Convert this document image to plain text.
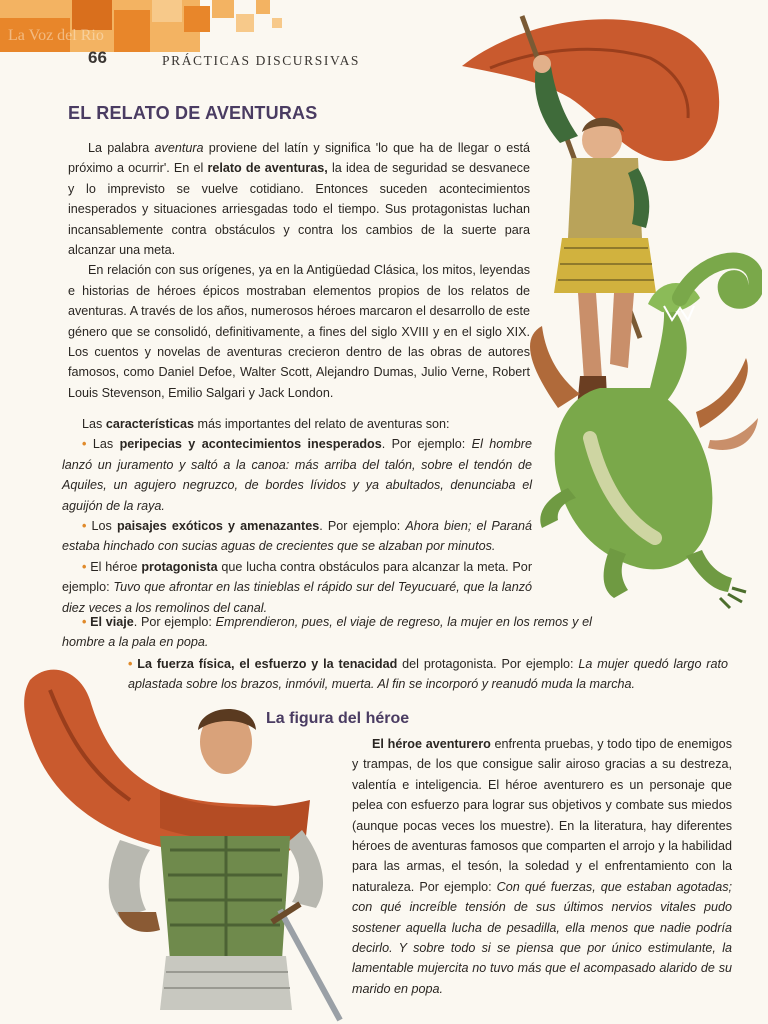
La Voz del Rio
66	PRÁCTICAS DISCURSIVAS
EL RELATO DE AVENTURAS

La palabra aventura proviene del latín y significa 'lo que ha de llegar o está próximo a ocurrir'. En el relato de aventuras, la idea de seguridad se desvanece y lo imprevisto se vuelve cotidiano. Entonces suceden acontecimientos inesperados y situaciones arriesgadas todo el tiempo. Sus protagonistas luchan incansablemente contra obstáculos y contra los cambios de la suerte para alcanzar una meta.

En relación con sus orígenes, ya en la Antigüedad Clásica, los mitos, leyendas e historias de héroes épicos mostraban elementos propios de los relatos de aventuras. A través de los años, numerosos héroes marcaron el desarrollo de este género que se consolidó, definitivamente, a fines del siglo XVIII y en el siglo XIX. Los cuentos y novelas de aventuras crecieron dentro de las obras de autores famosos, como Daniel Defoe, Walter Scott, Alejandro Dumas, Julio Verne, Robert Louis Stevenson, Emilio Salgari y Jack London.

Las características más importantes del relato de aventuras son:

• Las peripecias y acontecimientos inesperados. Por ejemplo: El hombre lanzó un juramento y saltó a la canoa: más arriba del talón, sobre el tendón de Aquiles, un agujero negruzco, de bordes lívidos y ya abultados, denunciaba el aguijón de la raya.

• Los paisajes exóticos y amenazantes. Por ejemplo: Ahora bien; el Paraná estaba hinchado con sucias aguas de crecientes que se alzaban por minutos.

• El héroe protagonista que lucha contra obstáculos para alcanzar la meta. Por ejemplo: Tuvo que afrontar en las tinieblas el rápido sur del Teyucuaré, que la lanzó diez veces a los remolinos del canal.

• El viaje. Por ejemplo: Emprendieron, pues, el viaje de regreso, la mujer en los remos y el hombre a la pala en popa.

• La fuerza física, el esfuerzo y la tenacidad del protagonista. Por ejemplo: La mujer quedó largo rato aplastada sobre los brazos, inmóvil, muerta. Al fin se incorporó y reanudó muda la marcha.

La figura del héroe

El héroe aventurero enfrenta pruebas, y todo tipo de enemigos y trampas, de los que consigue salir airoso gracias a su destreza, valentía e inteligencia. El héroe aventurero es un personaje que pelea con esfuerzo para lograr sus objetivos y combate sus miedos (aunque pocas veces los muestre). En la literatura, hay diferentes héroes de aventuras famosos que comparten el arrojo y la habilidad para las armas, el tesón, la soledad y el enfrentamiento con la naturaleza. Por ejemplo: Con qué fuerzas, que estaban agotadas; con qué increíble tensión de sus últimos nervios vitales pudo sostener aquella lucha de pesadilla, ella menos que nadie podría decirlo. Y sobre todo si se piensa que por único estimulante, la lamentable mujercita no tuvo más que el acompasado alarido de su marido en popa.
